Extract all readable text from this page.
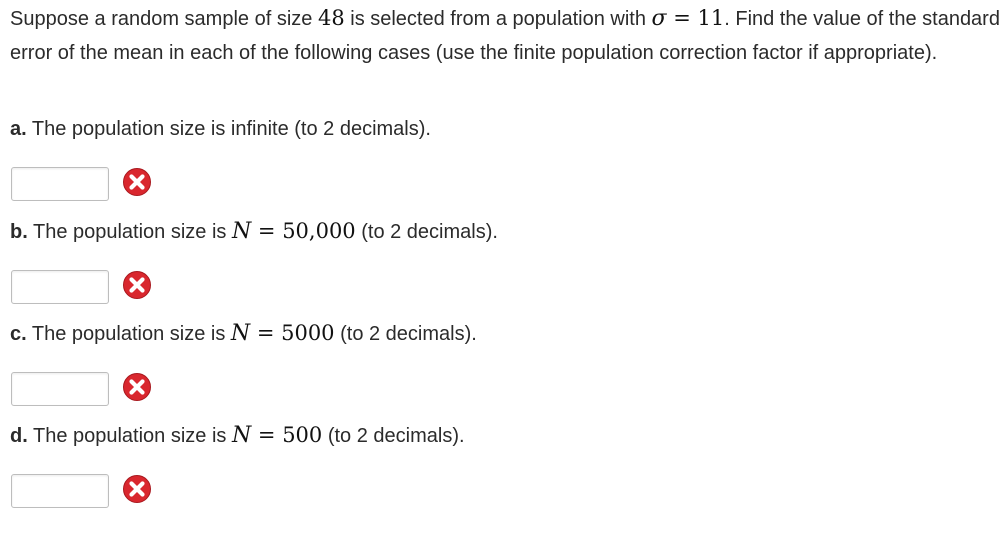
Suppose a random sample of size 48 is selected from a population with σ = 11. Find the value of the standard error of the mean in each of the following cases (use the finite population correction factor if appropriate).

a. The population size is infinite (to 2 decimals).

b. The population size is N = 50,000 (to 2 decimals).

c. The population size is N = 5000 (to 2 decimals).

d. The population size is N = 500 (to 2 decimals).
